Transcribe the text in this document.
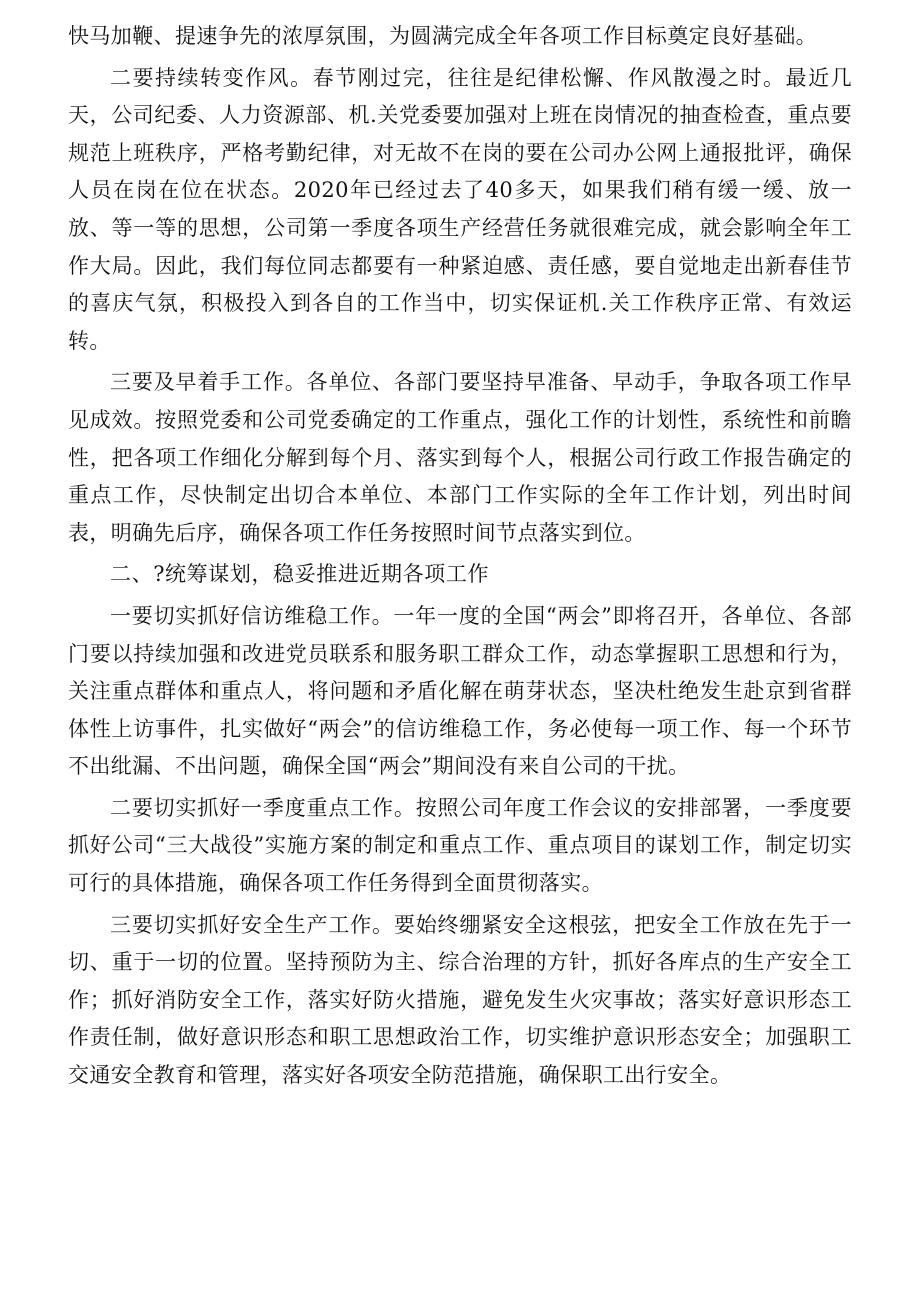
快马加鞭、提速争先的浓厚氛围，为圆满完成全年各项工作目标奠定良好基础。

二要持续转变作风。春节刚过完，往往是纪律松懈、作风散漫之时。最近几天，公司纪委、人力资源部、机.关党委要加强对上班在岗情况的抽查检查，重点要规范上班秩序，严格考勤纪律，对无故不在岗的要在公司办公网上通报批评，确保人员在岗在位在状态。2020年已经过去了40多天，如果我们稍有缓一缓、放一放、等一等的思想，公司第一季度各项生产经营任务就很难完成，就会影响全年工作大局。因此，我们每位同志都要有一种紧迫感、责任感，要自觉地走出新春佳节的喜庆气氛，积极投入到各自的工作当中，切实保证机.关工作秩序正常、有效运转。

三要及早着手工作。各单位、各部门要坚持早准备、早动手，争取各项工作早见成效。按照党委和公司党委确定的工作重点，强化工作的计划性，系统性和前瞻性，把各项工作细化分解到每个月、落实到每个人，根据公司行政工作报告确定的重点工作，尽快制定出切合本单位、本部门工作实际的全年工作计划，列出时间表，明确先后序，确保各项工作任务按照时间节点落实到位。

二、?统筹谋划，稳妥推进近期各项工作

一要切实抓好信访维稳工作。一年一度的全国“两会”即将召开，各单位、各部门要以持续加强和改进党员联系和服务职工群众工作，动态掌握职工思想和行为，关注重点群体和重点人，将问题和矛盾化解在萌芽状态，坚决杜绝发生赴京到省群体性上访事件，扎实做好“两会”的信访维稳工作，务必使每一项工作、每一个环节不出纰漏、不出问题，确保全国“两会”期间没有来自公司的干扰。

二要切实抓好一季度重点工作。按照公司年度工作会议的安排部署，一季度要抓好公司“三大战役”实施方案的制定和重点工作、重点项目的谋划工作，制定切实可行的具体措施，确保各项工作任务得到全面贯彻落实。

三要切实抓好安全生产工作。要始终绷紧安全这根弦，把安全工作放在先于一切、重于一切的位置。坚持预防为主、综合治理的方针，抓好各库点的生产安全工作；抓好消防安全工作，落实好防火措施，避免发生火灾事故；落实好意识形态工作责任制，做好意识形态和职工思想政治工作，切实维护意识形态安全；加强职工交通安全教育和管理，落实好各项安全防范措施，确保职工出行安全。
